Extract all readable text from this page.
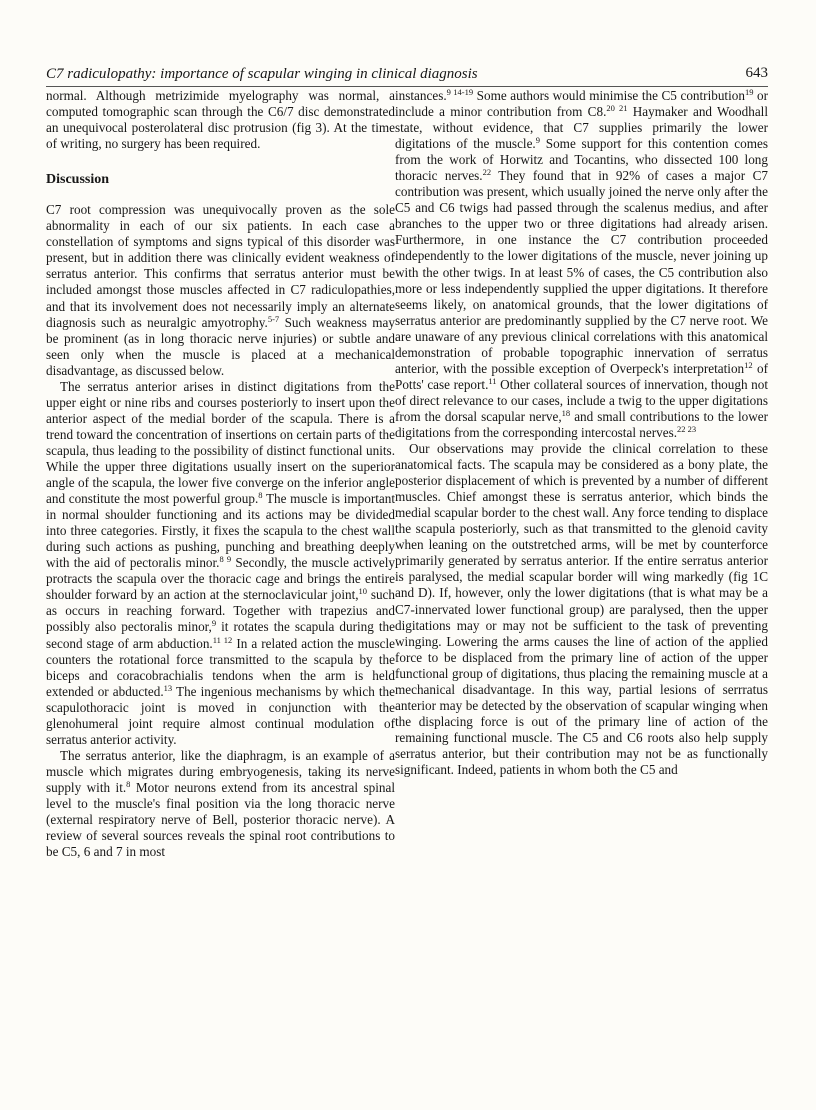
C7 radiculopathy: importance of scapular winging in clinical diagnosis	643

normal. Although metrizimide myelography was normal, a computed tomographic scan through the C6/7 disc demonstrated an unequivocal posterolateral disc protrusion (fig 3). At the time of writing, no surgery has been required.

Discussion

C7 root compression was unequivocally proven as the sole abnormality in each of our six patients. In each case a constellation of symptoms and signs typical of this disorder was present, but in addition there was clinically evident weakness of serratus anterior. This confirms that serratus anterior must be included amongst those muscles affected in C7 radiculopathies, and that its involvement does not necessarily imply an alternate diagnosis such as neuralgic amyotrophy.$^{5-7}$ Such weakness may be prominent (as in long thoracic nerve injuries) or subtle and seen only when the muscle is placed at a mechanical disadvantage, as discussed below.

The serratus anterior arises in distinct digitations from the upper eight or nine ribs and courses posteriorly to insert upon the anterior aspect of the medial border of the scapula. There is a trend toward the concentration of insertions on certain parts of the scapula, thus leading to the possibility of distinct functional units. While the upper three digitations usually insert on the superior angle of the scapula, the lower five converge on the inferior angle and constitute the most powerful group.$^8$ The muscle is important in normal shoulder functioning and its actions may be divided into three categories. Firstly, it fixes the scapula to the chest wall during such actions as pushing, punching and breathing deeply with the aid of pectoralis minor.$^{8 9}$ Secondly, the muscle actively protracts the scapula over the thoracic cage and brings the entire shoulder forward by an action at the sternoclavicular joint,$^{10}$ such as occurs in reaching forward. Together with trapezius and possibly also pectoralis minor,$^9$ it rotates the scapula during the second stage of arm abduction.$^{11 12}$ In a related action the muscle counters the rotational force transmitted to the scapula by the biceps and coracobrachialis tendons when the arm is held extended or abducted.$^{13}$ The ingenious mechanisms by which the scapulothoracic joint is moved in conjunction with the glenohumeral joint require almost continual modulation of serratus anterior activity.

The serratus anterior, like the diaphragm, is an example of a muscle which migrates during embryogenesis, taking its nerve supply with it.$^8$ Motor neurons extend from its ancestral spinal level to the muscle's final position via the long thoracic nerve (external respiratory nerve of Bell, posterior thoracic nerve). A review of several sources reveals the spinal root contributions to be C5, 6 and 7 in most

instances.$^{9 14-19}$ Some authors would minimise the C5 contribution$^{19}$ or include a minor contribution from C8.$^{20 21}$ Haymaker and Woodhall state, without evidence, that C7 supplies primarily the lower digitations of the muscle.$^9$ Some support for this contention comes from the work of Horwitz and Tocantins, who dissected 100 long thoracic nerves.$^{22}$ They found that in 92% of cases a major C7 contribution was present, which usually joined the nerve only after the C5 and C6 twigs had passed through the scalenus medius, and after branches to the upper two or three digitations had already arisen. Furthermore, in one instance the C7 contribution proceeded independently to the lower digitations of the muscle, never joining up with the other twigs. In at least 5% of cases, the C5 contribution also more or less independently supplied the upper digitations. It therefore seems likely, on anatomical grounds, that the lower digitations of serratus anterior are predominantly supplied by the C7 nerve root. We are unaware of any previous clinical correlations with this anatomical demonstration of probable topographic innervation of serratus anterior, with the possible exception of Overpeck's interpretation$^{12}$ of Potts' case report.$^{11}$ Other collateral sources of innervation, though not of direct relevance to our cases, include a twig to the upper digitations from the dorsal scapular nerve,$^{18}$ and small contributions to the lower digitations from the corresponding intercostal nerves.$^{22 23}$

Our observations may provide the clinical correlation to these anatomical facts. The scapula may be considered as a bony plate, the posterior displacement of which is prevented by a number of different muscles. Chief amongst these is serratus anterior, which binds the medial scapular border to the chest wall. Any force tending to displace the scapula posteriorly, such as that transmitted to the glenoid cavity when leaning on the outstretched arms, will be met by counterforce primarily generated by serratus anterior. If the entire serratus anterior is paralysed, the medial scapular border will wing markedly (fig 1C and D). If, however, only the lower digitations (that is what may be a C7-innervated lower functional group) are paralysed, then the upper digitations may or may not be sufficient to the task of preventing winging. Lowering the arms causes the line of action of the applied force to be displaced from the primary line of action of the upper functional group of digitations, thus placing the remaining muscle at a mechanical disadvantage. In this way, partial lesions of serrratus anterior may be detected by the observation of scapular winging when the displacing force is out of the primary line of action of the remaining functional muscle. The C5 and C6 roots also help supply serratus anterior, but their contribution may not be as functionally significant. Indeed, patients in whom both the C5 and
